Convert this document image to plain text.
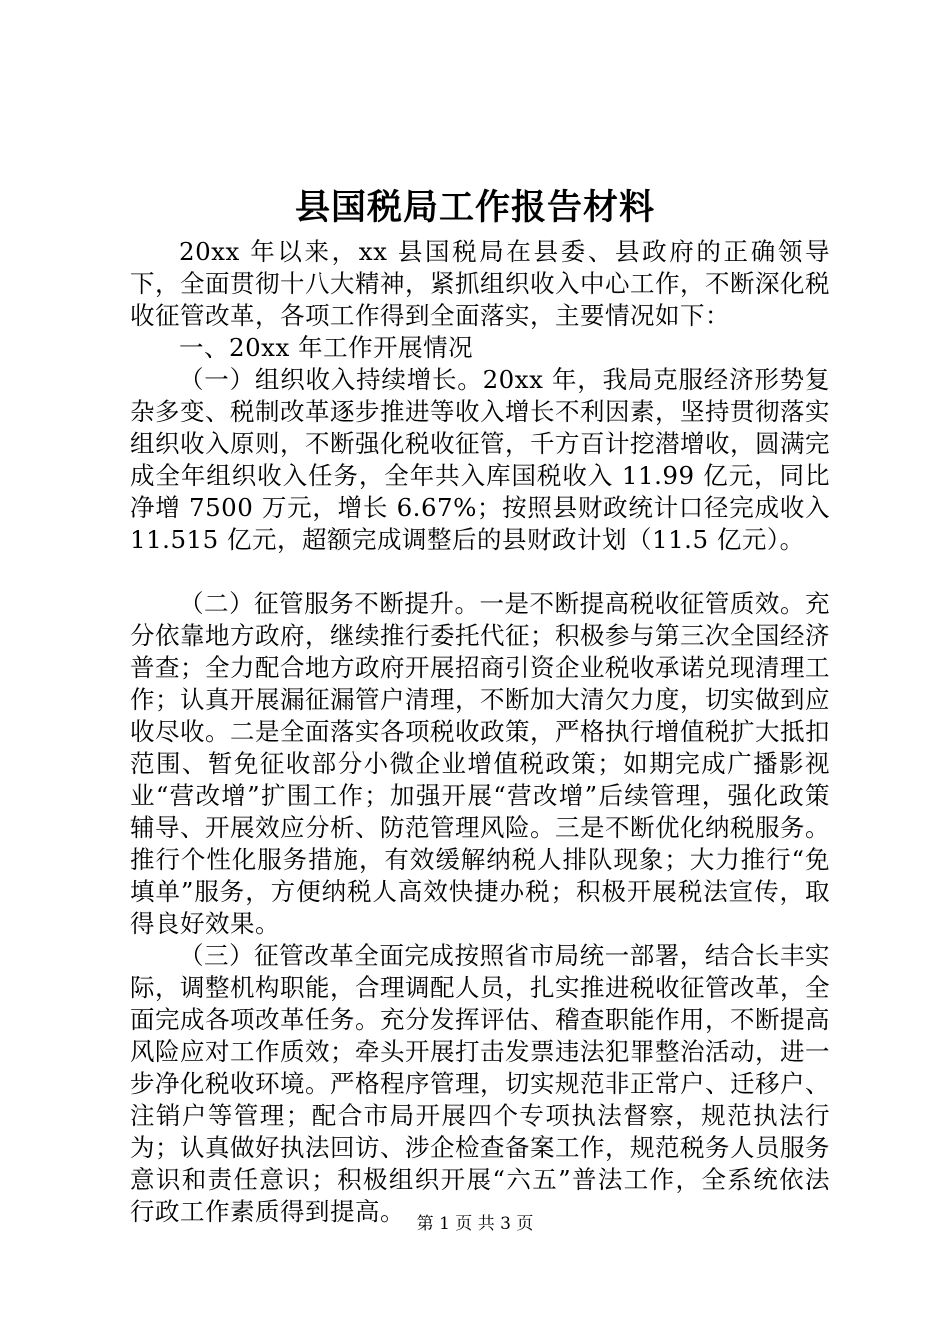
县国税局工作报告材料

20xx 年以来，xx 县国税局在县委、县政府的正确领导下，全面贯彻十八大精神，紧抓组织收入中心工作，不断深化税收征管改革，各项工作得到全面落实，主要情况如下：

一、20xx 年工作开展情况

（一）组织收入持续增长。20xx 年，我局克服经济形势复杂多变、税制改革逐步推进等收入增长不利因素，坚持贯彻落实组织收入原则，不断强化税收征管，千方百计挖潜增收，圆满完成全年组织收入任务，全年共入库国税收入 11.99 亿元，同比净增 7500 万元，增长 6.67%；按照县财政统计口径完成收入 11.515 亿元，超额完成调整后的县财政计划（11.5 亿元）。

（二）征管服务不断提升。一是不断提高税收征管质效。充分依靠地方政府，继续推行委托代征；积极参与第三次全国经济普查；全力配合地方政府开展招商引资企业税收承诺兑现清理工作；认真开展漏征漏管户清理，不断加大清欠力度，切实做到应收尽收。二是全面落实各项税收政策，严格执行增值税扩大抵扣范围、暂免征收部分小微企业增值税政策；如期完成广播影视业“营改增”扩围工作；加强开展“营改增”后续管理，强化政策辅导、开展效应分析、防范管理风险。三是不断优化纳税服务。推行个性化服务措施，有效缓解纳税人排队现象；大力推行“免填单”服务，方便纳税人高效快捷办税；积极开展税法宣传，取得良好效果。

（三）征管改革全面完成按照省市局统一部署，结合长丰实际，调整机构职能，合理调配人员，扎实推进税收征管改革，全面完成各项改革任务。充分发挥评估、稽查职能作用，不断提高风险应对工作质效；牵头开展打击发票违法犯罪整治活动，进一步净化税收环境。严格程序管理，切实规范非正常户、迁移户、注销户等管理；配合市局开展四个专项执法督察，规范执法行为；认真做好执法回访、涉企检查备案工作，规范税务人员服务意识和责任意识；积极组织开展“六五”普法工作，全系统依法行政工作素质得到提高。 第 1 页 共 3 页
